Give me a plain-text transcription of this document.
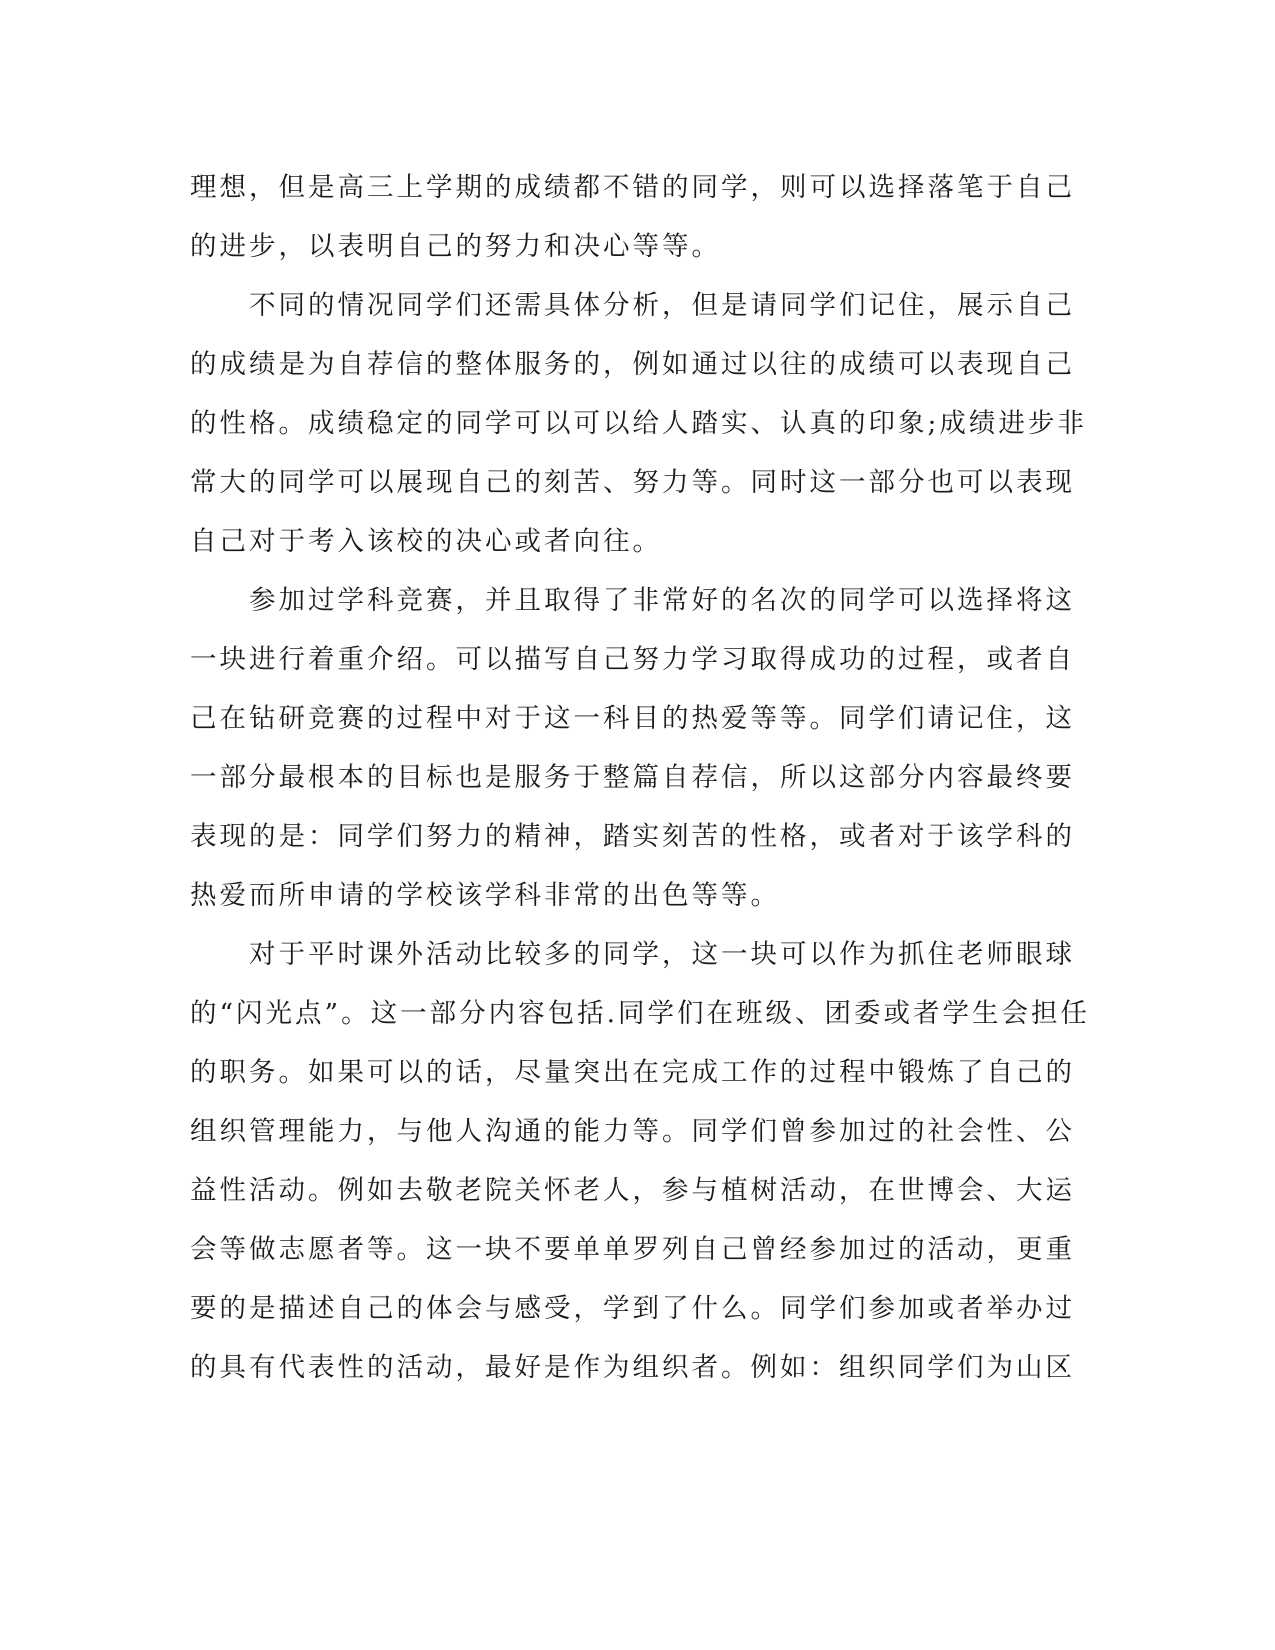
理想，但是高三上学期的成绩都不错的同学，则可以选择落笔于自己
的进步，以表明自己的努力和决心等等。
　　不同的情况同学们还需具体分析，但是请同学们记住，展示自己
的成绩是为自荐信的整体服务的，例如通过以往的成绩可以表现自己
的性格。成绩稳定的同学可以可以给人踏实、认真的印象;成绩进步非
常大的同学可以展现自己的刻苦、努力等。同时这一部分也可以表现
自己对于考入该校的决心或者向往。
　　参加过学科竞赛，并且取得了非常好的名次的同学可以选择将这
一块进行着重介绍。可以描写自己努力学习取得成功的过程，或者自
己在钻研竞赛的过程中对于这一科目的热爱等等。同学们请记住，这
一部分最根本的目标也是服务于整篇自荐信，所以这部分内容最终要
表现的是：同学们努力的精神，踏实刻苦的性格，或者对于该学科的
热爱而所申请的学校该学科非常的出色等等。
　　对于平时课外活动比较多的同学，这一块可以作为抓住老师眼球
的“闪光点”。这一部分内容包括.同学们在班级、团委或者学生会担任
的职务。如果可以的话，尽量突出在完成工作的过程中锻炼了自己的
组织管理能力，与他人沟通的能力等。同学们曾参加过的社会性、公
益性活动。例如去敬老院关怀老人，参与植树活动，在世博会、大运
会等做志愿者等。这一块不要单单罗列自己曾经参加过的活动，更重
要的是描述自己的体会与感受，学到了什么。同学们参加或者举办过
的具有代表性的活动，最好是作为组织者。例如：组织同学们为山区
